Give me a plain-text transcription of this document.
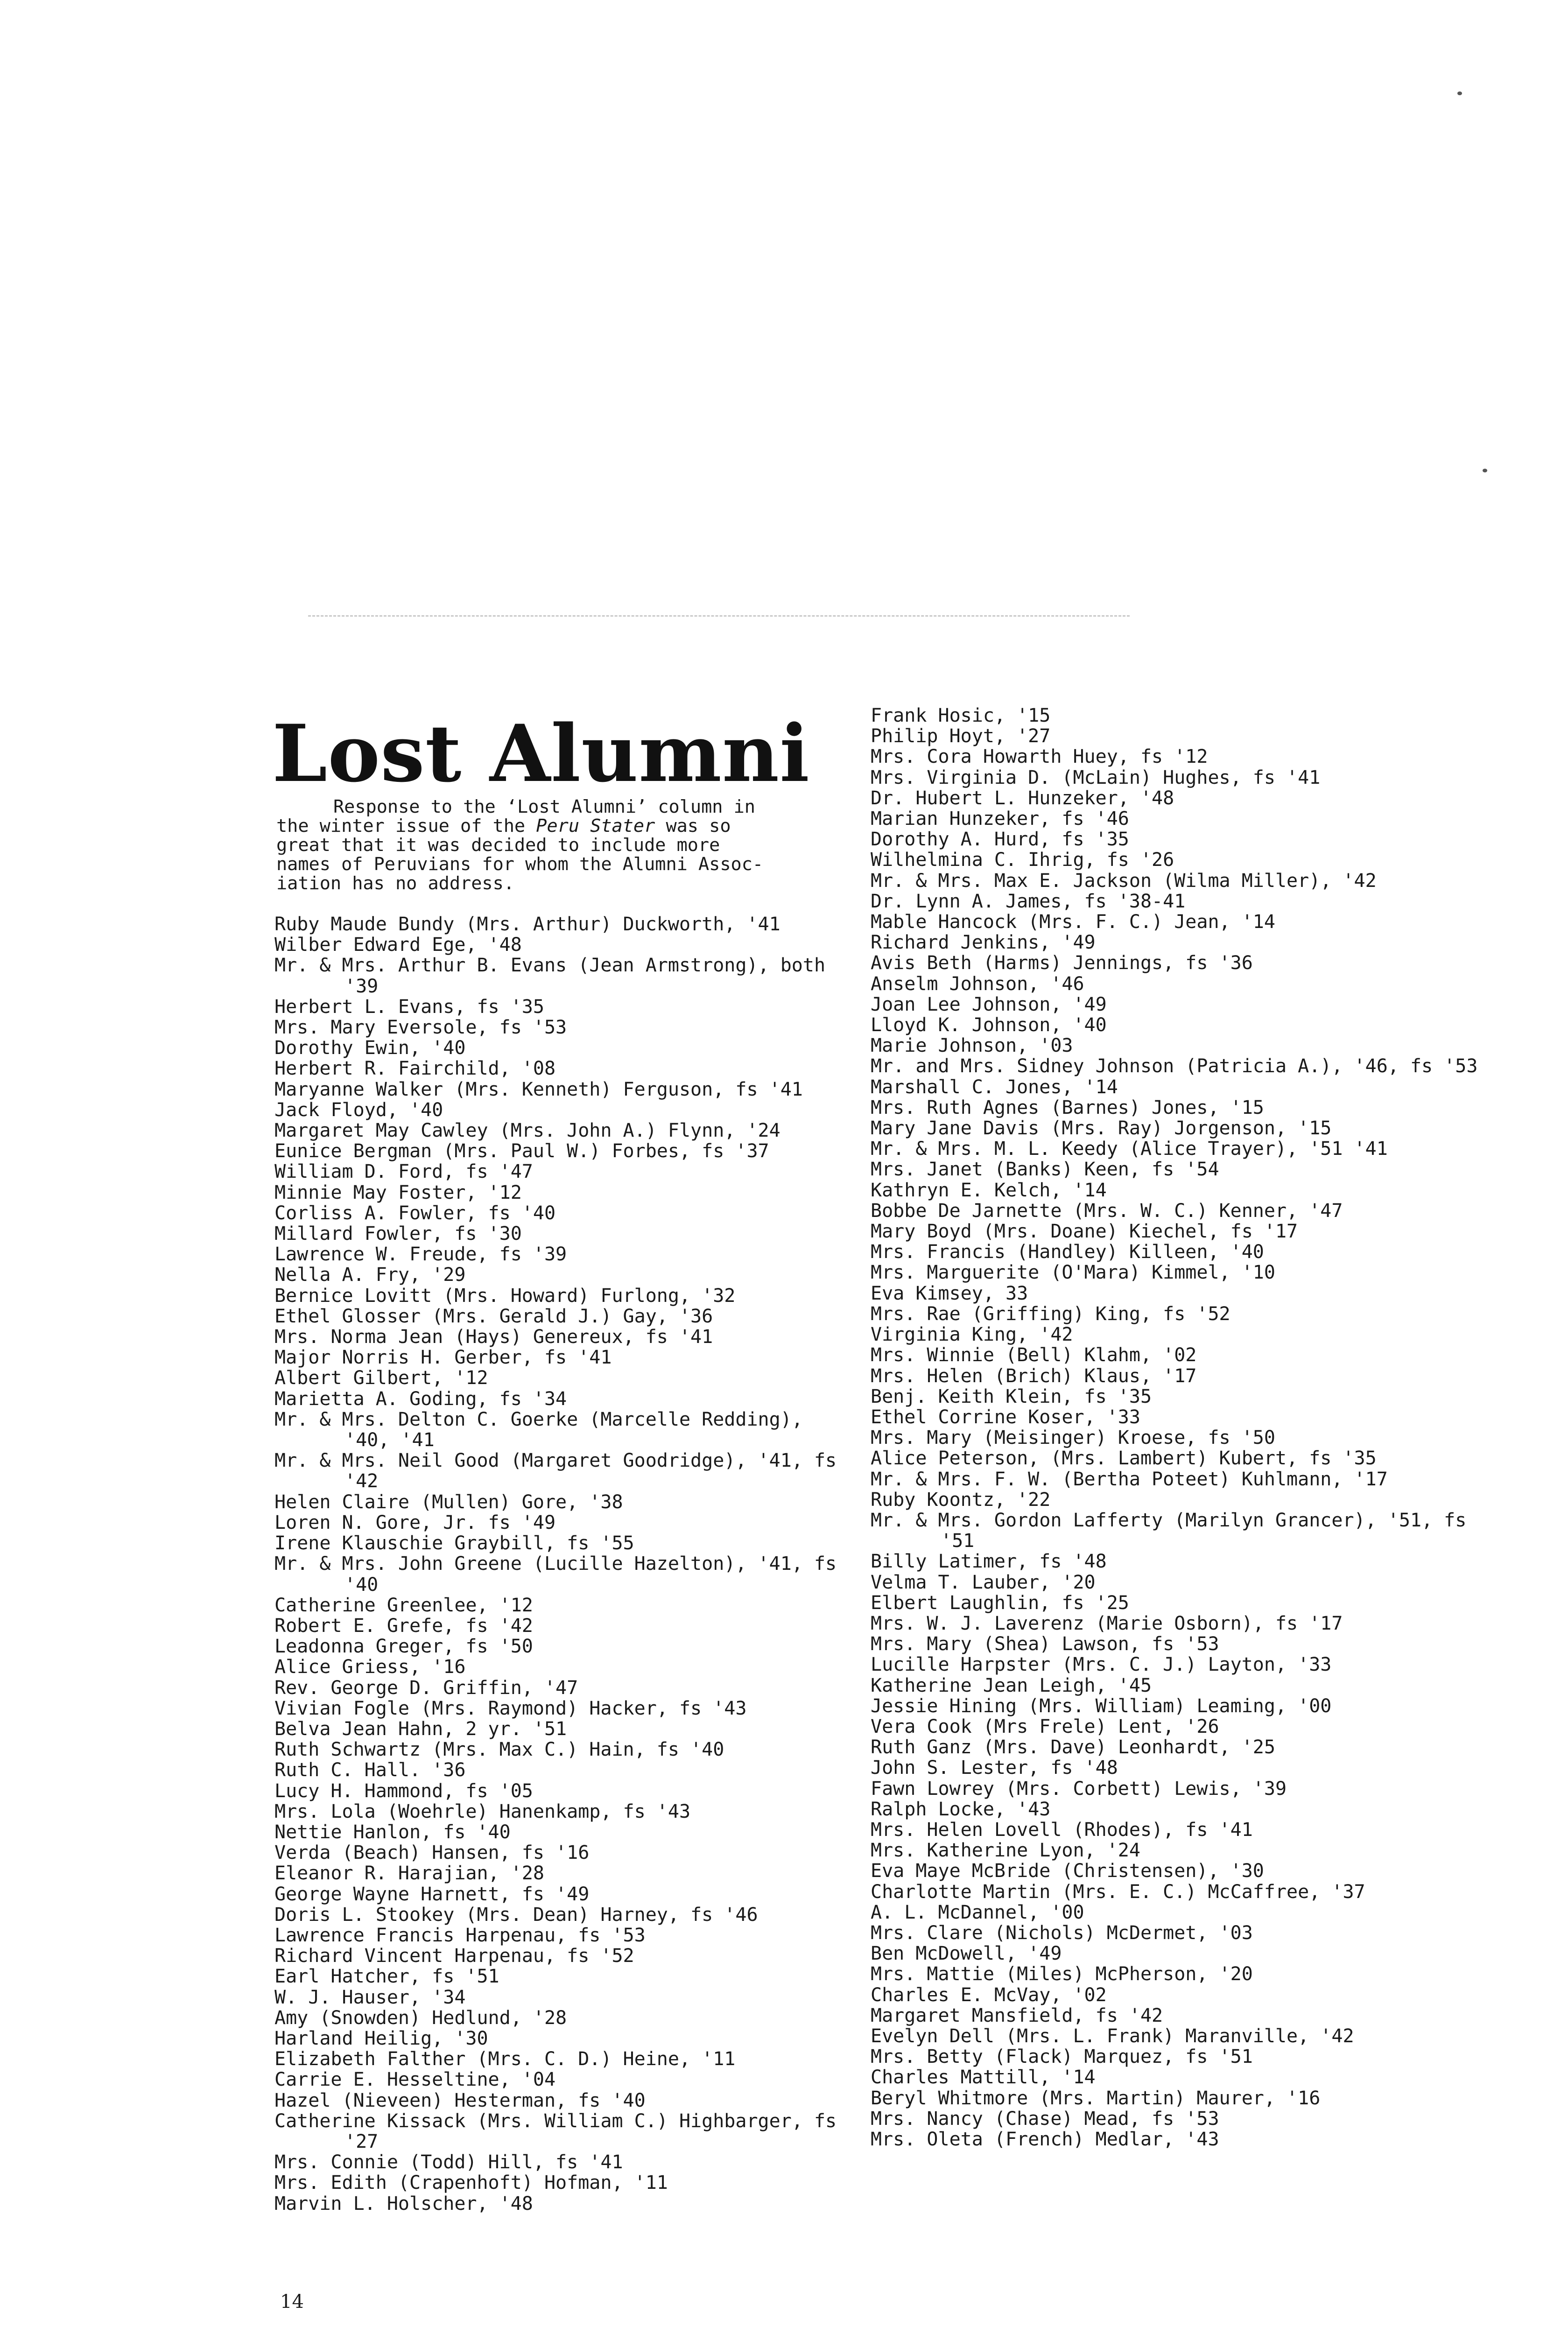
Lost Alumni

Response to the ‘Lost Alumni’ column in
the winter issue of the Peru Stater was so
great that it was decided to include more
names of Peruvians for whom the Alumni Assoc-
iation has no address.

Ruby Maude Bundy (Mrs. Arthur) Duckworth, '41
Wilber Edward Ege, '48
Mr. & Mrs. Arthur B. Evans (Jean Armstrong), both '39
Herbert L. Evans, fs '35
Mrs. Mary Eversole, fs '53
Dorothy Ewin, '40
Herbert R. Fairchild, '08
Maryanne Walker (Mrs. Kenneth) Ferguson, fs '41
Jack Floyd, '40
Margaret May Cawley (Mrs. John A.) Flynn, '24
Eunice Bergman (Mrs. Paul W.) Forbes, fs '37
William D. Ford, fs '47
Minnie May Foster, '12
Corliss A. Fowler, fs '40
Millard Fowler, fs '30
Lawrence W. Freude, fs '39
Nella A. Fry, '29
Bernice Lovitt (Mrs. Howard) Furlong, '32
Ethel Glosser (Mrs. Gerald J.) Gay, '36
Mrs. Norma Jean (Hays) Genereux, fs '41
Major Norris H. Gerber, fs '41
Albert Gilbert, '12
Marietta A. Goding, fs '34
Mr. & Mrs. Delton C. Goerke (Marcelle Redding), '40, '41
Mr. & Mrs. Neil Good (Margaret Goodridge), '41, fs '42
Helen Claire (Mullen) Gore, '38
Loren N. Gore, Jr. fs '49
Irene Klauschie Graybill, fs '55
Mr. & Mrs. John Greene (Lucille Hazelton), '41, fs '40
Catherine Greenlee, '12
Robert E. Grefe, fs '42
Leadonna Greger, fs '50
Alice Griess, '16
Rev. George D. Griffin, '47
Vivian Fogle (Mrs. Raymond) Hacker, fs '43
Belva Jean Hahn, 2 yr. '51
Ruth Schwartz (Mrs. Max C.) Hain, fs '40
Ruth C. Hall. '36
Lucy H. Hammond, fs '05
Mrs. Lola (Woehrle) Hanenkamp, fs '43
Nettie Hanlon, fs '40
Verda (Beach) Hansen, fs '16
Eleanor R. Harajian, '28
George Wayne Harnett, fs '49
Doris L. Stookey (Mrs. Dean) Harney, fs '46
Lawrence Francis Harpenau, fs '53
Richard Vincent Harpenau, fs '52
Earl Hatcher, fs '51
W. J. Hauser, '34
Amy (Snowden) Hedlund, '28
Harland Heilig, '30
Elizabeth Falther (Mrs. C. D.) Heine, '11
Carrie E. Hesseltine, '04
Hazel (Nieveen) Hesterman, fs '40
Catherine Kissack (Mrs. William C.) Highbarger, fs '27
Mrs. Connie (Todd) Hill, fs '41
Mrs. Edith (Crapenhoft) Hofman, '11
Marvin L. Holscher, '48
Frank Hosic, '15
Philip Hoyt, '27
Mrs. Cora Howarth Huey, fs '12
Mrs. Virginia D. (McLain) Hughes, fs '41
Dr. Hubert L. Hunzeker, '48
Marian Hunzeker, fs '46
Dorothy A. Hurd, fs '35
Wilhelmina C. Ihrig, fs '26
Mr. & Mrs. Max E. Jackson (Wilma Miller), '42
Dr. Lynn A. James, fs '38-41
Mable Hancock (Mrs. F. C.) Jean, '14
Richard Jenkins, '49
Avis Beth (Harms) Jennings, fs '36
Anselm Johnson, '46
Joan Lee Johnson, '49
Lloyd K. Johnson, '40
Marie Johnson, '03
Mr. and Mrs. Sidney Johnson (Patricia A.), '46, fs '53
Marshall C. Jones, '14
Mrs. Ruth Agnes (Barnes) Jones, '15
Mary Jane Davis (Mrs. Ray) Jorgenson, '15
Mr. & Mrs. M. L. Keedy (Alice Trayer), '51 '41
Mrs. Janet (Banks) Keen, fs '54
Kathryn E. Kelch, '14
Bobbe De Jarnette (Mrs. W. C.) Kenner, '47
Mary Boyd (Mrs. Doane) Kiechel, fs '17
Mrs. Francis (Handley) Killeen, '40
Mrs. Marguerite (O'Mara) Kimmel, '10
Eva Kimsey, 33
Mrs. Rae (Griffing) King, fs '52
Virginia King, '42
Mrs. Winnie (Bell) Klahm, '02
Mrs. Helen (Brich) Klaus, '17
Benj. Keith Klein, fs '35
Ethel Corrine Koser, '33
Mrs. Mary (Meisinger) Kroese, fs '50
Alice Peterson, (Mrs. Lambert) Kubert, fs '35
Mr. & Mrs. F. W. (Bertha Poteet) Kuhlmann, '17
Ruby Koontz, '22
Mr. & Mrs. Gordon Lafferty (Marilyn Grancer), '51, fs '51
Billy Latimer, fs '48
Velma T. Lauber, '20
Elbert Laughlin, fs '25
Mrs. W. J. Laverenz (Marie Osborn), fs '17
Mrs. Mary (Shea) Lawson, fs '53
Lucille Harpster (Mrs. C. J.) Layton, '33
Katherine Jean Leigh, '45
Jessie Hining (Mrs. William) Leaming, '00
Vera Cook (Mrs Frele) Lent, '26
Ruth Ganz (Mrs. Dave) Leonhardt, '25
John S. Lester, fs '48
Fawn Lowrey (Mrs. Corbett) Lewis, '39
Ralph Locke, '43
Mrs. Helen Lovell (Rhodes), fs '41
Mrs. Katherine Lyon, '24
Eva Maye McBride (Christensen), '30
Charlotte Martin (Mrs. E. C.) McCaffree, '37
A. L. McDannel, '00
Mrs. Clare (Nichols) McDermet, '03
Ben McDowell, '49
Mrs. Mattie (Miles) McPherson, '20
Charles E. McVay, '02
Margaret Mansfield, fs '42
Evelyn Dell (Mrs. L. Frank) Maranville, '42
Mrs. Betty (Flack) Marquez, fs '51
Charles Mattill, '14
Beryl Whitmore (Mrs. Martin) Maurer, '16
Mrs. Nancy (Chase) Mead, fs '53
Mrs. Oleta (French) Medlar, '43
14
